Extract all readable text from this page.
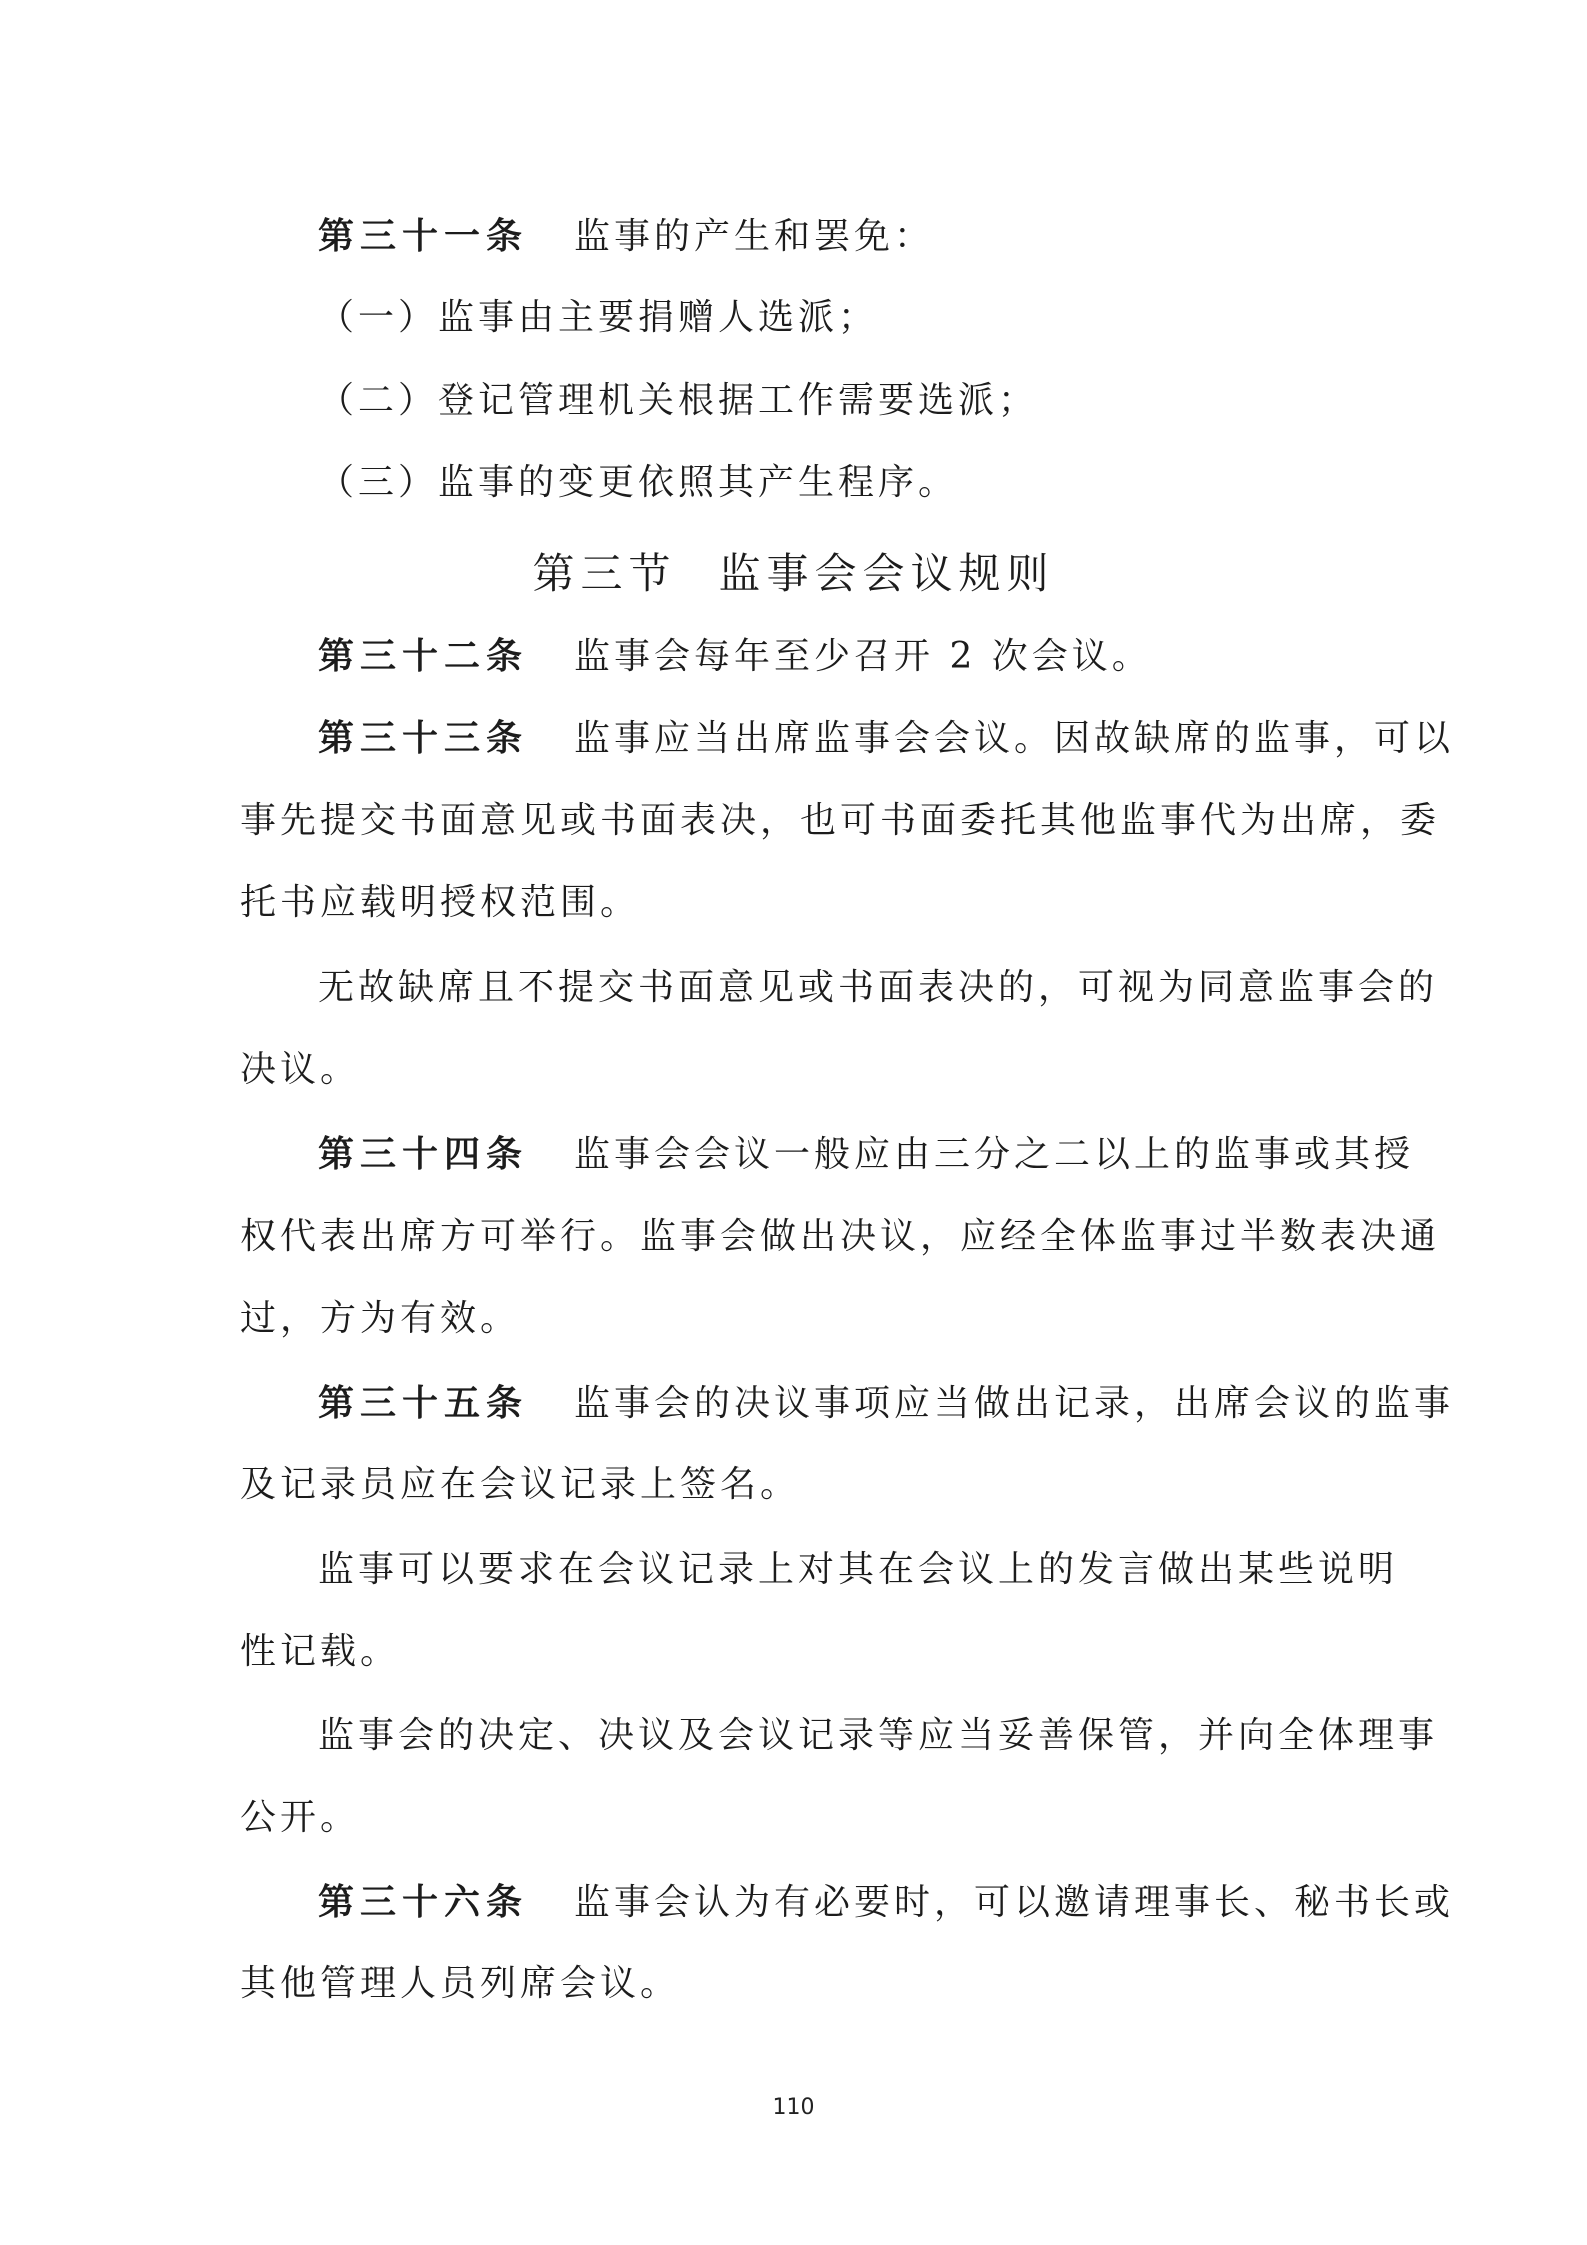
第三十一条 监事的产生和罢免：
（一）监事由主要捐赠人选派；
（二）登记管理机关根据工作需要选派；
（三）监事的变更依照其产生程序。
第三节 监事会会议规则
第三十二条 监事会每年至少召开 2 次会议。
第三十三条 监事应当出席监事会会议。因故缺席的监事，可以
事先提交书面意见或书面表决，也可书面委托其他监事代为出席，委
托书应载明授权范围。
无故缺席且不提交书面意见或书面表决的，可视为同意监事会的
决议。
第三十四条 监事会会议一般应由三分之二以上的监事或其授
权代表出席方可举行。监事会做出决议，应经全体监事过半数表决通
过，方为有效。
第三十五条 监事会的决议事项应当做出记录，出席会议的监事
及记录员应在会议记录上签名。
监事可以要求在会议记录上对其在会议上的发言做出某些说明
性记载。
监事会的决定、决议及会议记录等应当妥善保管，并向全体理事
公开。
第三十六条 监事会认为有必要时，可以邀请理事长、秘书长或
其他管理人员列席会议。
110
